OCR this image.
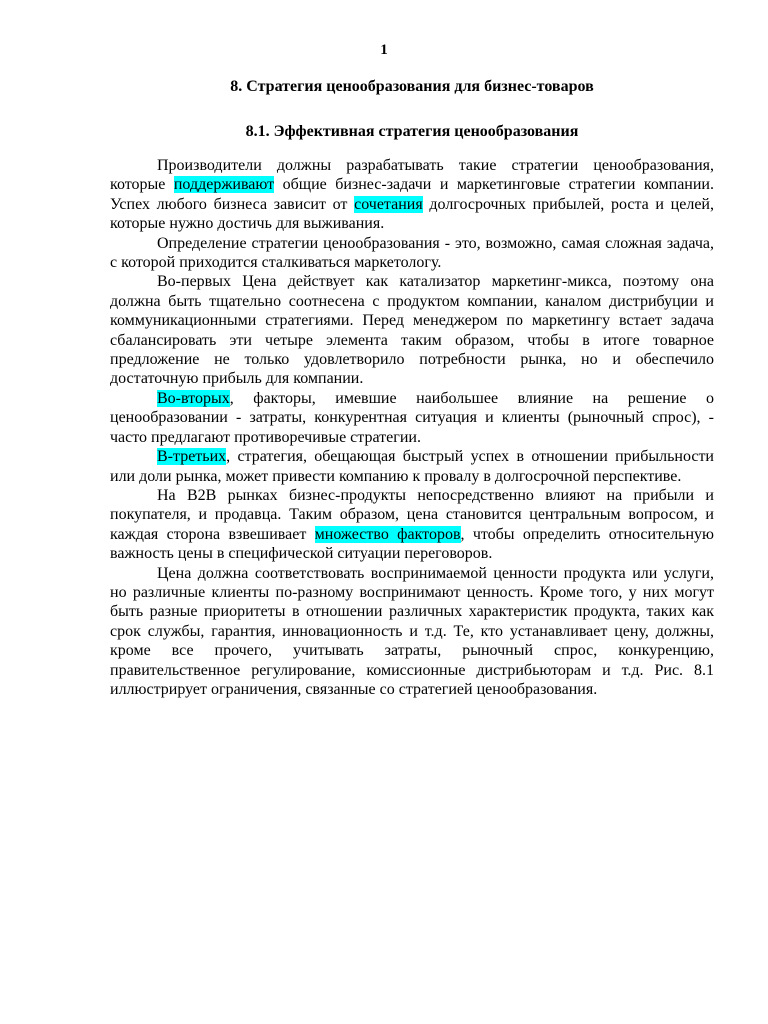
1
8. Стратегия ценообразования для бизнес-товаров
8.1. Эффективная стратегия ценообразования

Производители должны разрабатывать такие стратегии ценообразования, которые поддерживают общие бизнес-задачи и маркетинговые стратегии компании. Успех любого бизнеса зависит от сочетания долгосрочных прибылей, роста и целей, которые нужно достичь для выживания.

Определение стратегии ценообразования - это, возможно, самая сложная задача, с которой приходится сталкиваться маркетологу.

Во-первых Цена действует как катализатор маркетинг-микса, поэтому она должна быть тщательно соотнесена с продуктом компании, каналом дистрибуции и коммуникационными стратегиями. Перед менеджером по маркетингу встает задача сбалансировать эти четыре элемента таким образом, чтобы в итоге товарное предложение не только удовлетворило потребности рынка, но и обеспечило достаточную прибыль для компании.

Во-вторых, факторы, имевшие наибольшее влияние на решение о ценообразовании - затраты, конкурентная ситуация и клиенты (рыночный спрос), - часто предлагают противоречивые стратегии.

В-третьих, стратегия, обещающая быстрый успех в отношении прибыльности или доли рынка, может привести компанию к провалу в долгосрочной перспективе.

На B2B рынках бизнес-продукты непосредственно влияют на прибыли и покупателя, и продавца. Таким образом, цена становится центральным вопросом, и каждая сторона взвешивает множество факторов, чтобы определить относительную важность цены в специфической ситуации переговоров.

Цена должна соответствовать воспринимаемой ценности продукта или услуги, но различные клиенты по-разному воспринимают ценность. Кроме того, у них могут быть разные приоритеты в отношении различных характеристик продукта, таких как срок службы, гарантия, инновационность и т.д. Те, кто устанавливает цену, должны, кроме все прочего, учитывать затраты, рыночный спрос, конкуренцию, правительственное регулирование, комиссионные дистрибьюторам и т.д. Рис. 8.1 иллюстрирует ограничения, связанные со стратегией ценообразования.
